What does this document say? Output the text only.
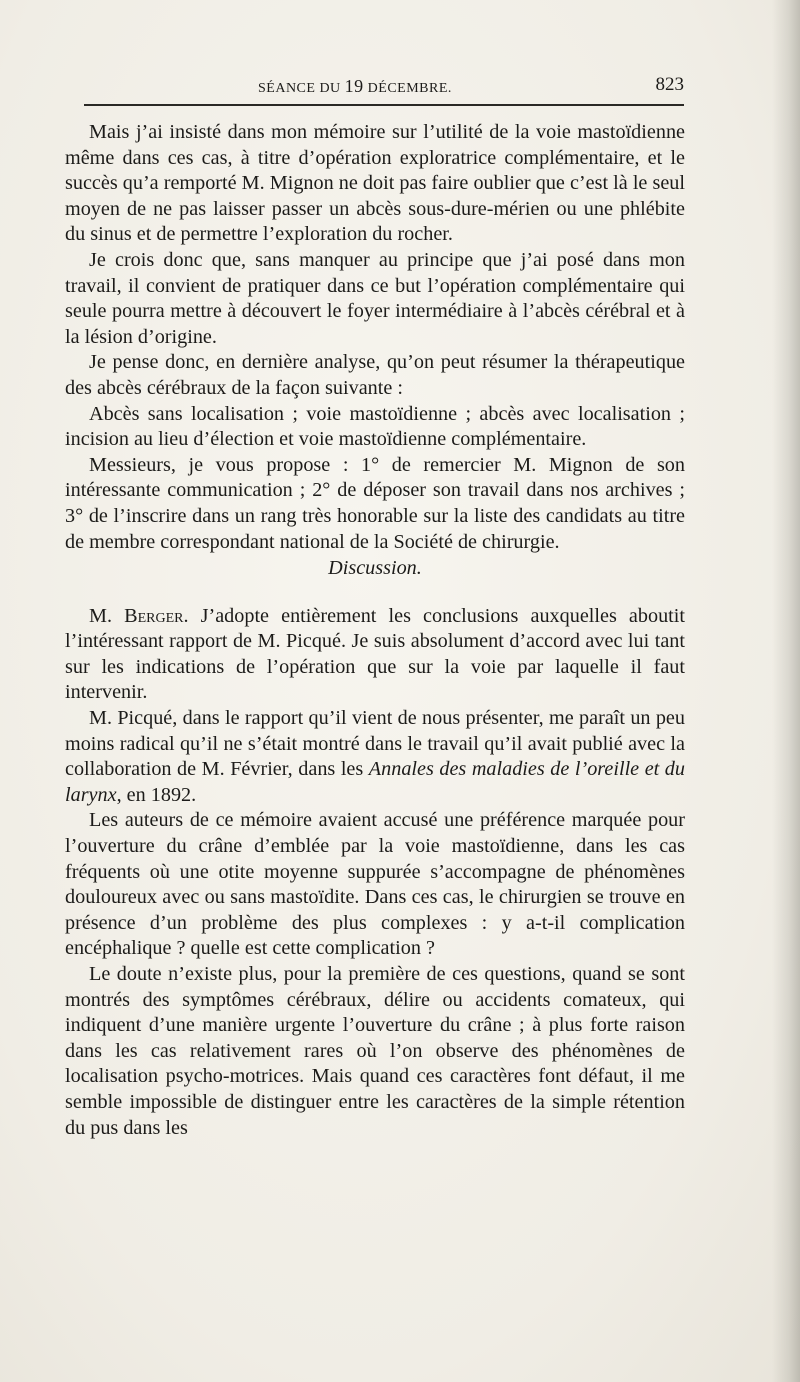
SÉANCE DU 19 DÉCEMBRE.	823

Mais j’ai insisté dans mon mémoire sur l’utilité de la voie mastoïdienne même dans ces cas, à titre d’opération exploratrice complémentaire, et le succès qu’a remporté M. Mignon ne doit pas faire oublier que c’est là le seul moyen de ne pas laisser passer un abcès sous-dure-mérien ou une phlébite du sinus et de permettre l’exploration du rocher.

Je crois donc que, sans manquer au principe que j’ai posé dans mon travail, il convient de pratiquer dans ce but l’opération complémentaire qui seule pourra mettre à découvert le foyer intermédiaire à l’abcès cérébral et à la lésion d’origine.

Je pense donc, en dernière analyse, qu’on peut résumer la thérapeutique des abcès cérébraux de la façon suivante :

Abcès sans localisation ; voie mastoïdienne ; abcès avec localisation ; incision au lieu d’élection et voie mastoïdienne complémentaire.

Messieurs, je vous propose : 1° de remercier M. Mignon de son intéressante communication ; 2° de déposer son travail dans nos archives ; 3° de l’inscrire dans un rang très honorable sur la liste des candidats au titre de membre correspondant national de la Société de chirurgie.

Discussion.

M. Berger. J’adopte entièrement les conclusions auxquelles aboutit l’intéressant rapport de M. Picqué. Je suis absolument d’accord avec lui tant sur les indications de l’opération que sur la voie par laquelle il faut intervenir.

M. Picqué, dans le rapport qu’il vient de nous présenter, me paraît un peu moins radical qu’il ne s’était montré dans le travail qu’il avait publié avec la collaboration de M. Février, dans les Annales des maladies de l’oreille et du larynx, en 1892.

Les auteurs de ce mémoire avaient accusé une préférence marquée pour l’ouverture du crâne d’emblée par la voie mastoïdienne, dans les cas fréquents où une otite moyenne suppurée s’accompagne de phénomènes douloureux avec ou sans mastoïdite. Dans ces cas, le chirurgien se trouve en présence d’un problème des plus complexes : y a-t-il complication encéphalique ? quelle est cette complication ?

Le doute n’existe plus, pour la première de ces questions, quand se sont montrés des symptômes cérébraux, délire ou accidents comateux, qui indiquent d’une manière urgente l’ouverture du crâne ; à plus forte raison dans les cas relativement rares où l’on observe des phénomènes de localisation psycho-motrices. Mais quand ces caractères font défaut, il me semble impossible de distinguer entre les caractères de la simple rétention du pus dans les
